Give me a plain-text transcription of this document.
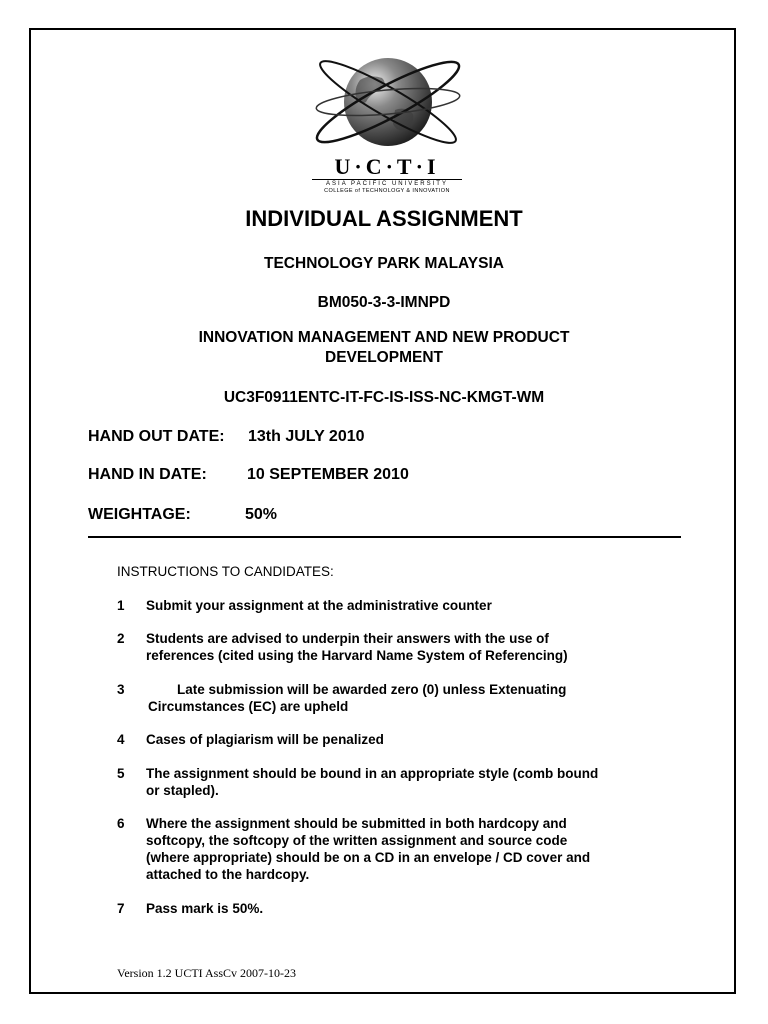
U·C·T·I
ASIA PACIFIC UNIVERSITY
COLLEGE of TECHNOLOGY & INNOVATION
INDIVIDUAL ASSIGNMENT
TECHNOLOGY PARK MALAYSIA
BM050-3-3-IMNPD
INNOVATION MANAGEMENT AND NEW PRODUCT
DEVELOPMENT
UC3F0911ENTC-IT-FC-IS-ISS-NC-KMGT-WM
HAND OUT DATE: 13th JULY 2010
HAND IN DATE:	10 SEPTEMBER 2010
WEIGHTAGE:	50%
INSTRUCTIONS TO CANDIDATES:
1 Submit your assignment at the administrative counter
2 Students are advised to underpin their answers with the use of
references (cited using the Harvard Name System of Referencing)
3	Late submission will be awarded zero (0) unless Extenuating
Circumstances (EC) are upheld
4 Cases of plagiarism will be penalized
5 The assignment should be bound in an appropriate style (comb bound
or stapled).
6 Where the assignment should be submitted in both hardcopy and
softcopy, the softcopy of the written assignment and source code
(where appropriate) should be on a CD in an envelope / CD cover and
attached to the hardcopy.
7 Pass mark is 50%.
Version 1.2 UCTI AssCv 2007-10-23
